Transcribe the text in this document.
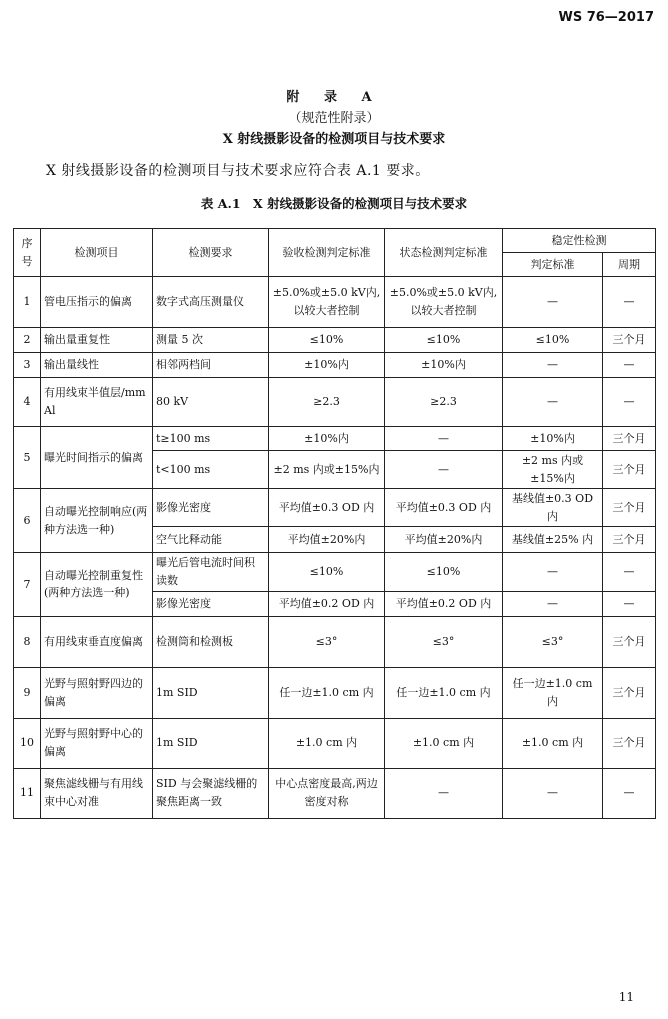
WS 76—2017
附 录 A
（规范性附录）
X 射线摄影设备的检测项目与技术要求
X 射线摄影设备的检测项目与技术要求应符合表 A.1 要求。
表 A.1　X 射线摄影设备的检测项目与技术要求
序号	检测项目	检测要求	验收检测判定标准	状态检测判定标准	稳定性检测	
					判定标准	周期
1	管电压指示的偏离	数字式高压测量仪	±5.0%或±5.0 kV内,以较大者控制	±5.0%或±5.0 kV内,以较大者控制	—	—
2	输出量重复性	测量 5 次	≤10%	≤10%	≤10%	三个月
3	输出量线性	相邻两档间	±10%内	±10%内	—	—
4	有用线束半值层/mm Al	80 kV	≥2.3	≥2.3	—	—
5	曝光时间指示的偏离	t≥100 ms	±10%内	—	±10%内	三个月
		t<100 ms	±2 ms 内或±15%内	—	±2 ms 内或±15%内	三个月
6	自动曝光控制响应(两种方法选一种)	影像光密度	平均值±0.3 OD 内	平均值±0.3 OD 内	基线值±0.3 OD 内	三个月
		空气比释动能	平均值±20%内	平均值±20%内	基线值±25% 内	三个月
7	自动曝光控制重复性(两种方法选一种)	曝光后管电流时间积读数	≤10%	≤10%	—	—
		影像光密度	平均值±0.2 OD 内	平均值±0.2 OD 内	—	—
8	有用线束垂直度偏离	检测筒和检测板	≤3°	≤3°	≤3°	三个月
9	光野与照射野四边的偏离	1m SID	任一边±1.0 cm 内	任一边±1.0 cm 内	任一边±1.0 cm 内	三个月
10	光野与照射野中心的偏离	1m SID	±1.0 cm 内	±1.0 cm 内	±1.0 cm 内	三个月
11	聚焦滤线栅与有用线束中心对准	SID 与会聚滤线栅的聚焦距离一致	中心点密度最高,两边密度对称	—	—	—
11
